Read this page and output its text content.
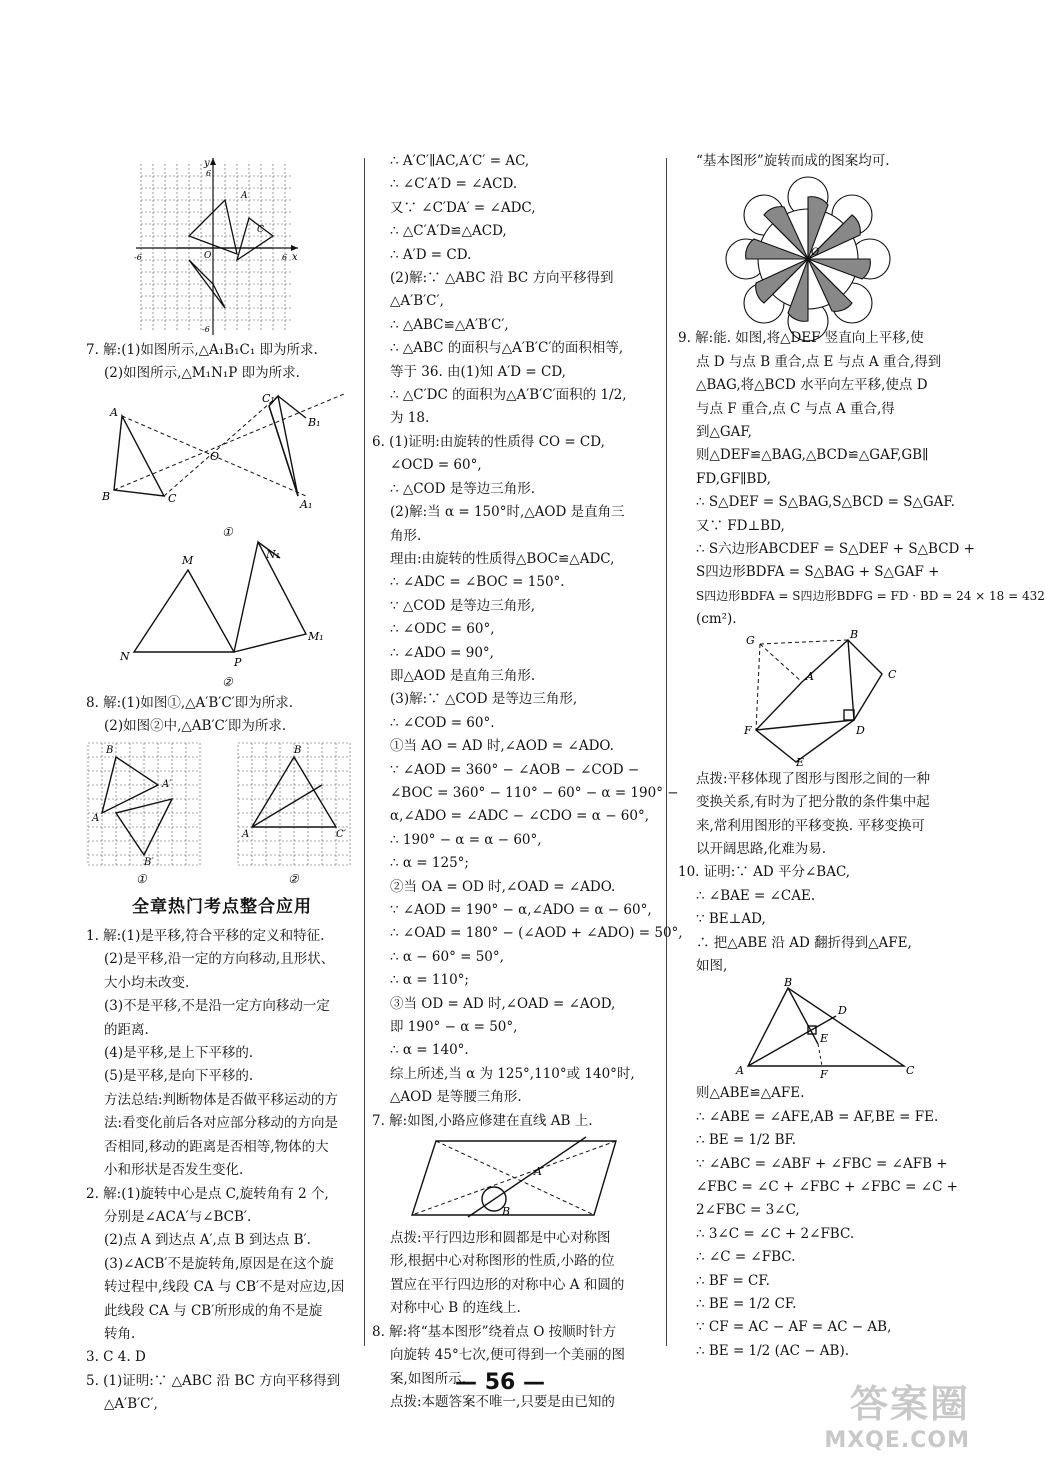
y
x
O
A
C
6
-6
-6	6
7. 解:(1)如图所示,△A₁B₁C₁ 即为所求.
(2)如图所示,△M₁N₁P 即为所求.
A
B	C
O
C₁
B₁
A₁
①
M
N	P
N₁
M₁
②
8. 解:(1)如图①,△A′B′C′即为所求.
(2)如图②中,△AB′C′即为所求.
B
A
A′
B′
A
B
C′
①	②
全章热门考点整合应用
1. 解:(1)是平移,符合平移的定义和特征.
(2)是平移,沿一定的方向移动,且形状、
大小均未改变.
(3)不是平移,不是沿一定方向移动一定
的距离.
(4)是平移,是上下平移的.
(5)是平移,是向下平移的.
方法总结:判断物体是否做平移运动的方
法:看变化前后各对应部分移动的方向是
否相同,移动的距离是否相等,物体的大
小和形状是否发生变化.
2. 解:(1)旋转中心是点 C,旋转角有 2 个,
分别是∠ACA′与∠BCB′.
(2)点 A 到达点 A′,点 B 到达点 B′.
(3)∠ACB′不是旋转角,原因是在这个旋
转过程中,线段 CA 与 CB′不是对应边,因
此线段 CA 与 CB′所形成的角不是旋
转角.
3. C 4. D
5. (1)证明:∵ △ABC 沿 BC 方向平移得到
△A′B′C′,
∴ A′C′∥AC,A′C′ = AC,
∴ ∠C′A′D = ∠ACD.
又∵ ∠C′DA′ = ∠ADC,
∴ △C′A′D≌△ACD,
∴ A′D = CD.
(2)解:∵ △ABC 沿 BC 方向平移得到
△A′B′C′,
∴ △ABC≌△A′B′C′,
∴ △ABC 的面积与△A′B′C′的面积相等,
等于 36. 由(1)知 A′D = CD,
∴ △C′DC 的面积为△A′B′C′面积的 1/2,
为 18.
6. (1)证明:由旋转的性质得 CO = CD,
∠OCD = 60°,
∴ △COD 是等边三角形.
(2)解:当 α = 150°时,△AOD 是直角三
角形.
理由:由旋转的性质得△BOC≌△ADC,
∴ ∠ADC = ∠BOC = 150°.
∵ △COD 是等边三角形,
∴ ∠ODC = 60°,
∴ ∠ADO = 90°,
即△AOD 是直角三角形.
(3)解:∵ △COD 是等边三角形,
∴ ∠COD = 60°.
①当 AO = AD 时,∠AOD = ∠ADO.
∵ ∠AOD = 360° − ∠AOB − ∠COD −
∠BOC = 360° − 110° − 60° − α = 190° −
α,∠ADO = ∠ADC − ∠CDO = α − 60°,
∴ 190° − α = α − 60°,
∴ α = 125°;
②当 OA = OD 时,∠OAD = ∠ADO.
∵ ∠AOD = 190° − α,∠ADO = α − 60°,
∴ ∠OAD = 180° − (∠AOD + ∠ADO) = 50°,
∴ α − 60° = 50°,
∴ α = 110°;
③当 OD = AD 时,∠OAD = ∠AOD,
即 190° − α = 50°,
∴ α = 140°.
综上所述,当 α 为 125°,110°或 140°时,
△AOD 是等腰三角形.
7. 解:如图,小路应修建在直线 AB 上.
A
B
点拨:平行四边形和圆都是中心对称图
形,根据中心对称图形的性质,小路的位
置应在平行四边形的对称中心 A 和圆的
对称中心 B 的连线上.
8. 解:将“基本图形”绕着点 O 按顺时针方
向旋转 45°七次,便可得到一个美丽的图
案,如图所示.
点拨:本题答案不唯一,只要是由已知的
“基本图形”旋转而成的图案均可.
O
9. 解:能. 如图,将△DEF 竖直向上平移,使
点 D 与点 B 重合,点 E 与点 A 重合,得到
△BAG,将△BCD 水平向左平移,使点 D
与点 F 重合,点 C 与点 A 重合,得
到△GAF,
则△DEF≌△BAG,△BCD≌△GAF,GB∥
FD,GF∥BD,
∴ S△DEF = S△BAG,S△BCD = S△GAF.
又∵ FD⊥BD,
∴ S六边形ABCDEF = S△DEF + S△BCD +
S四边形BDFA = S△BAG + S△GAF +
S四边形BDFA = S四边形BDFG = FD · BD = 24 × 18 = 432
(cm²).
G	B
C
A
F	D
E
点拨:平移体现了图形与图形之间的一种
变换关系,有时为了把分散的条件集中起
来,常利用图形的平移变换. 平移变换可
以开阔思路,化难为易.
10. 证明:∵ AD 平分∠BAC,
∴ ∠BAE = ∠CAE.
∵ BE⊥AD,
∴ 把△ABE 沿 AD 翻折得到△AFE,
如图,
B
D
E
A	F	C
则△ABE≌△AFE.
∴ ∠ABE = ∠AFE,AB = AF,BE = FE.
∴ BE = 1/2 BF.
∵ ∠ABC = ∠ABF + ∠FBC = ∠AFB +
∠FBC = ∠C + ∠FBC + ∠FBC = ∠C +
2∠FBC = 3∠C,
∴ 3∠C = ∠C + 2∠FBC.
∴ ∠C = ∠FBC.
∴ BF = CF.
∴ BE = 1/2 CF.
∵ CF = AC − AF = AC − AB,
∴ BE = 1/2 (AC − AB).
— 56 —	答案圈
MXQE.COM
